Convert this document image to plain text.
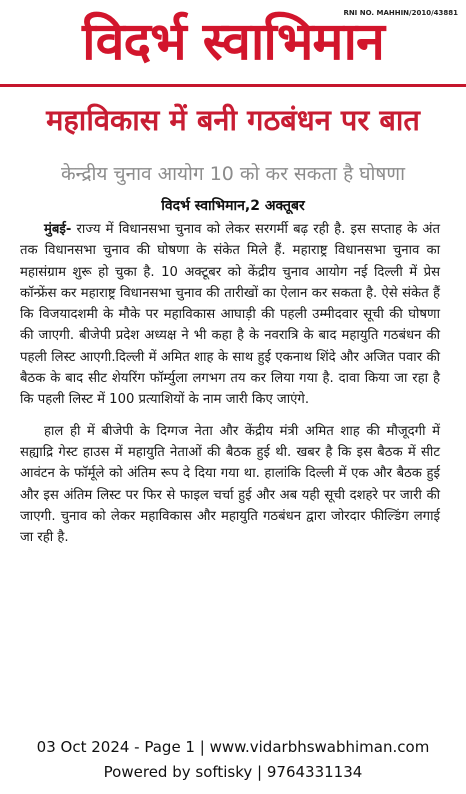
विदर्भ स्वाभिमान
RNI NO. MAHHIN/2010/43881
महाविकास में बनी गठबंधन पर बात
केन्द्रीय चुनाव आयोग 10 को कर सकता है घोषणा
विदर्भ स्वाभिमान,2 अक्तूबर

मुंबई- राज्य में विधानसभा चुनाव को लेकर सरगर्मी बढ़ रही है. इस सप्ताह के अंत तक विधानसभा चुनाव की घोषणा के संकेत मिले हैं. महाराष्ट्र विधानसभा चुनाव का महासंग्राम शुरू हो चुका है. 10 अक्टूबर को केंद्रीय चुनाव आयोग नई दिल्ली में प्रेस कॉन्फ्रेंस कर महाराष्ट्र विधानसभा चुनाव की तारीखों का ऐलान कर सकता है. ऐसे संकेत हैं कि विजयादशमी के मौके पर महाविकास आघाड़ी की पहली उम्मीदवार सूची की घोषणा की जाएगी. बीजेपी प्रदेश अध्यक्ष ने भी कहा है के नवरात्रि के बाद महायुति गठबंधन की पहली लिस्ट आएगी.दिल्ली में अमित शाह के साथ हुई एकनाथ शिंदे और अजित पवार की बैठक के बाद सीट शेयरिंग फॉर्म्युला लगभग तय कर लिया गया है. दावा किया जा रहा है कि पहली लिस्ट में 100 प्रत्याशियों के नाम जारी किए जाएंगे.

हाल ही में बीजेपी के दिग्गज नेता और केंद्रीय मंत्री अमित शाह की मौजूदगी में सह्याद्रि गेस्ट हाउस में महायुति नेताओं की बैठक हुई थी. खबर है कि इस बैठक में सीट आवंटन के फॉर्मूले को अंतिम रूप दे दिया गया था. हालांकि दिल्ली में एक और बैठक हुई और इस अंतिम लिस्ट पर फिर से फाइल चर्चा हुई और अब यही सूची दशहरे पर जारी की जाएगी. चुनाव को लेकर महाविकास और महायुति गठबंधन द्वारा जोरदार फील्डिंग लगाई जा रही है.

03 Oct 2024 - Page 1 | www.vidarbhswabhiman.com
Powered by softisky | 9764331134
